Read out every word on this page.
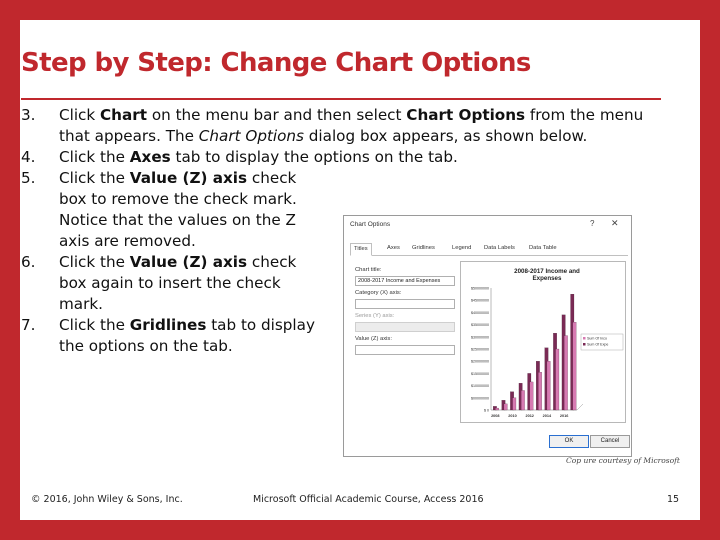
Step by Step: Change Chart Options
3.	Click Chart on the menu bar and then select Chart Options from the menu that appears. The Chart Options dialog box appears, as shown below.
4.	Click the Axes tab to display the options on the tab.
5.	Click the Value (Z) axis check box to remove the check mark. Notice that the values on the Z axis are removed.
6.	Click the Value (Z) axis check box again to insert the check mark.
7.	Click the Gridlines tab to display the options on the tab.
Chart Options	? ✕
Titles	Axes	Gridlines	Legend	Data Labels	Data Table
Chart title:
2008-2017 Income and Expenses
Category (X) axis:
Series (Y) axis:
Value (Z) axis:
2008-2017 Income and Expenses
$ 0
$00000000
$10000000
$15000000
$20000000
$25000000
$30000000
$35000000
$40000000
$45000000
$50000000
2008 2010 2012 2014 2016
Sum Of Inco
Sum Of Expe
OK	Cancel
Cop ure courtesy of Microsoft
© 2016, John Wiley & Sons, Inc.	Microsoft Official Academic Course, Access 2016	15
